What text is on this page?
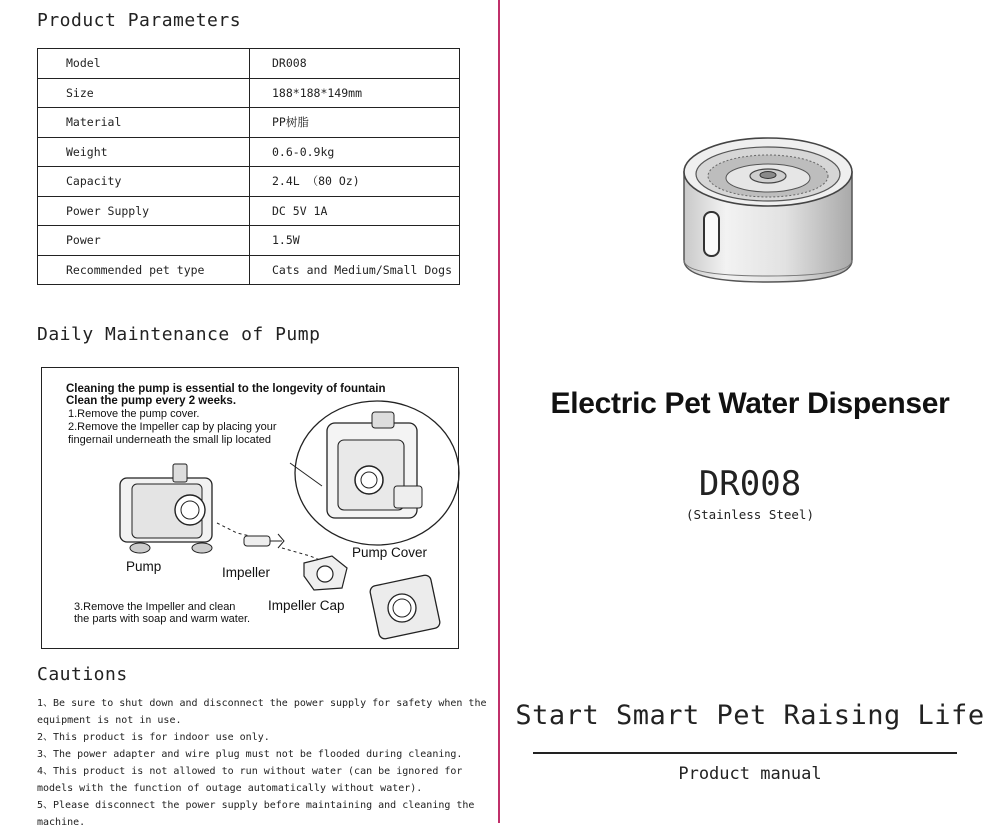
Product Parameters
Model	DR008
Size	188*188*149mm
Material	PP树脂
Weight	0.6-0.9kg
Capacity	2.4L （80 Oz)
Power Supply	DC 5V 1A
Power	1.5W
Recommended pet type	Cats and Medium/Small Dogs
Daily Maintenance of Pump
Cleaning the pump is essential to the longevity of fountain
Clean the pump every 2 weeks.
1.Remove the pump cover.
2.Remove the Impeller cap by placing your
fingernail underneath the small lip located
Pump	Impeller
Pump Cover
Impeller Cap
3.Remove the Impeller and clean
the parts with soap and warm water.
Cautions

1、Be sure to shut down and disconnect the power supply for safety when the equipment is not in use.

2、This product is for indoor use only.

3、The power adapter and wire plug must not be flooded during cleaning.

4、This product is not allowed to run without water (can be ignored for models with the function of outage automatically without water).

5、Please disconnect the power supply before maintaining and cleaning the machine.

Electric Pet Water Dispenser
DR008
(Stainless Steel)
Start Smart Pet Raising Life
Product manual
